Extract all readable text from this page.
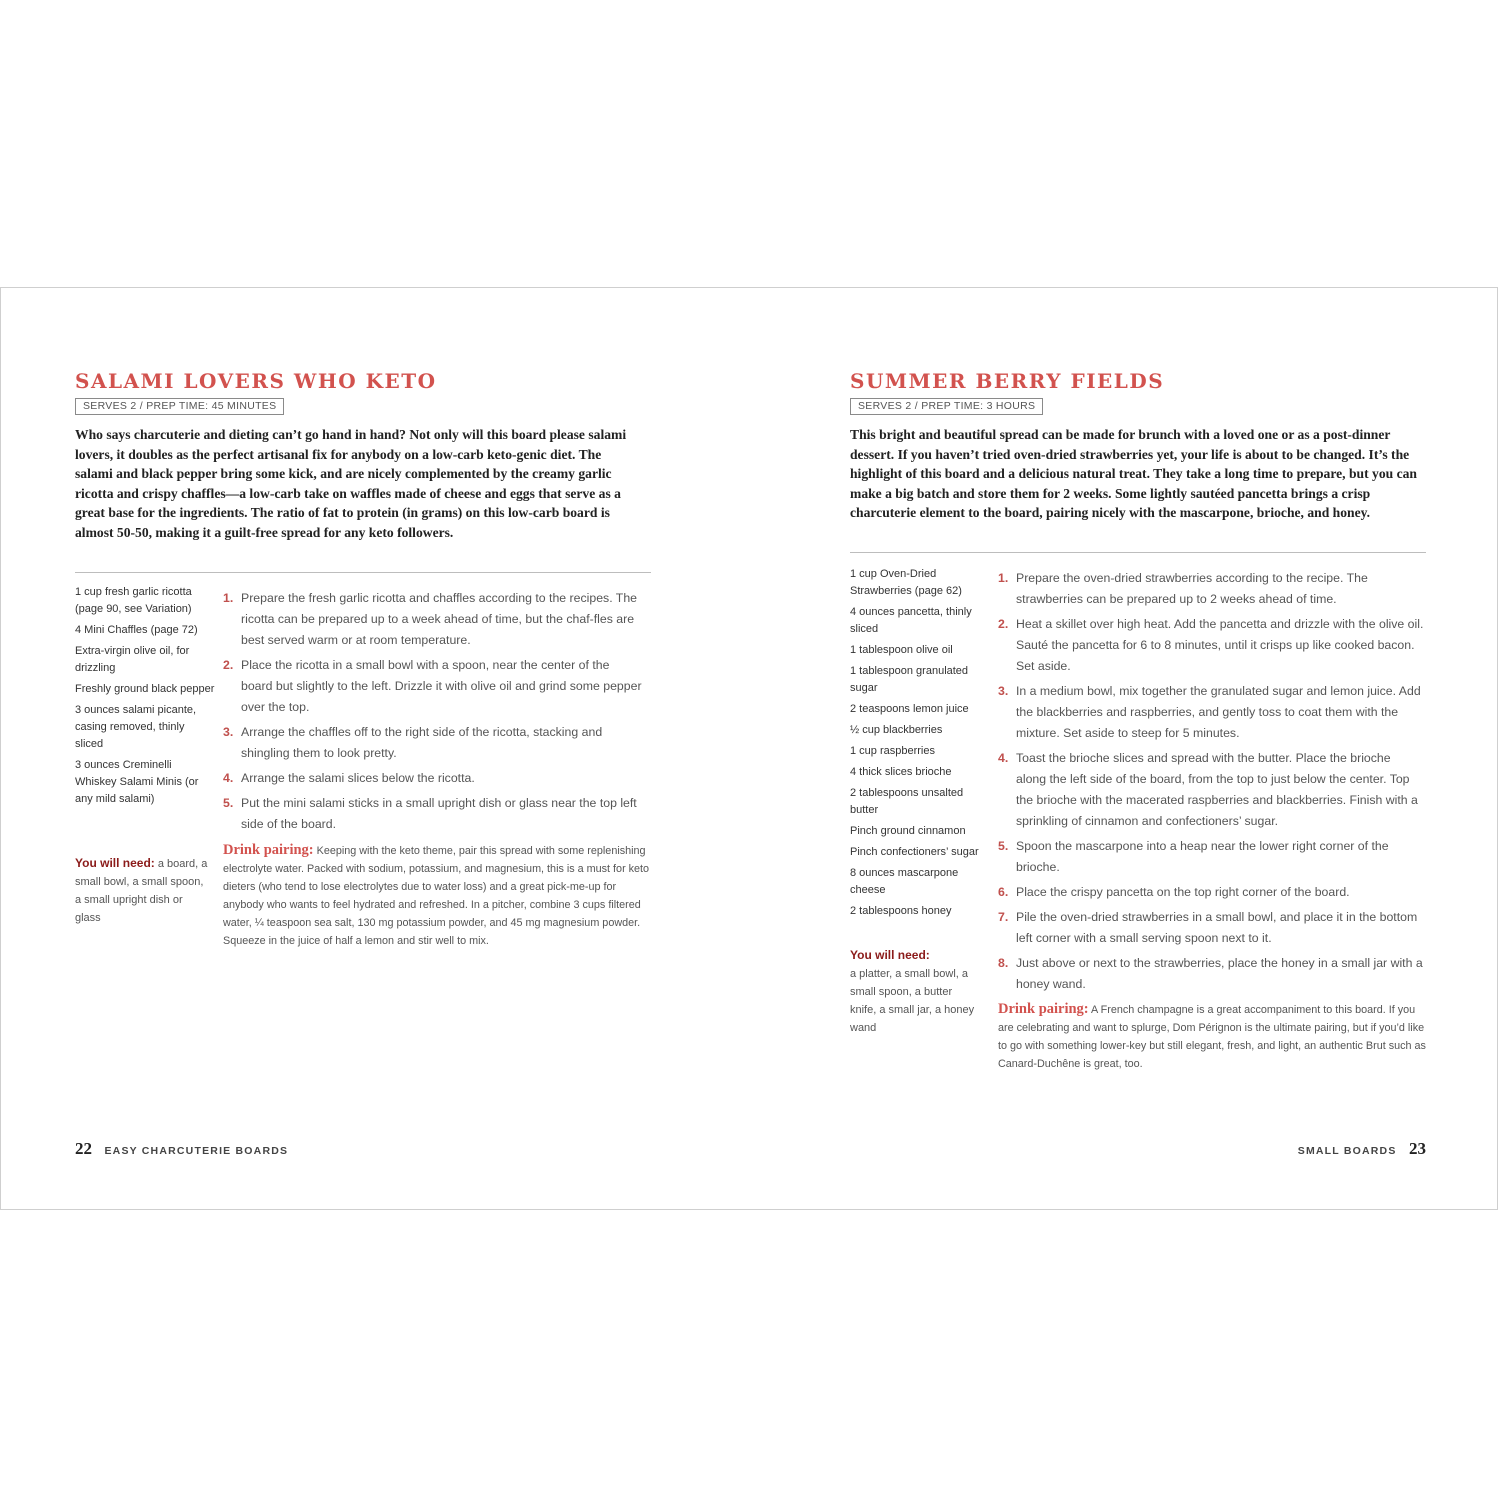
SALAMI LOVERS WHO KETO
SERVES 2 / PREP TIME: 45 MINUTES

Who says charcuterie and dieting can’t go hand in hand? Not only will this board please salami lovers, it doubles as the perfect artisanal fix for anybody on a low-carb keto-genic diet. The salami and black pepper bring some kick, and are nicely complemented by the creamy garlic ricotta and crispy chaffles—a low-carb take on waffles made of cheese and eggs that serve as a great base for the ingredients. The ratio of fat to protein (in grams) on this low-carb board is almost 50-50, making it a guilt-free spread for any keto followers.

1 cup fresh garlic ricotta (page 90, see Variation)
4 Mini Chaffles (page 72)
Extra-virgin olive oil, for drizzling
Freshly ground black pepper
3 ounces salami picante, casing removed, thinly sliced
3 ounces Creminelli Whiskey Salami Minis (or any mild salami)

You will need: a board, a small bowl, a small spoon, a small upright dish or glass

1. Prepare the fresh garlic ricotta and chaffles according to the recipes. The ricotta can be prepared up to a week ahead of time, but the chaf-fles are best served warm or at room temperature.
2. Place the ricotta in a small bowl with a spoon, near the center of the board but slightly to the left. Drizzle it with olive oil and grind some pepper over the top.
3. Arrange the chaffles off to the right side of the ricotta, stacking and shingling them to look pretty.
4. Arrange the salami slices below the ricotta.
5. Put the mini salami sticks in a small upright dish or glass near the top left side of the board.

Drink pairing: Keeping with the keto theme, pair this spread with some replenishing electrolyte water. Packed with sodium, potassium, and magnesium, this is a must for keto dieters (who tend to lose electrolytes due to water loss) and a great pick-me-up for anybody who wants to feel hydrated and refreshed. In a pitcher, combine 3 cups filtered water, ¼ teaspoon sea salt, 130 mg potassium powder, and 45 mg magnesium powder. Squeeze in the juice of half a lemon and stir well to mix.

22 EASY CHARCUTERIE BOARDS
SUMMER BERRY FIELDS
SERVES 2 / PREP TIME: 3 HOURS

This bright and beautiful spread can be made for brunch with a loved one or as a post-dinner dessert. If you haven’t tried oven-dried strawberries yet, your life is about to be changed. It’s the highlight of this board and a delicious natural treat. They take a long time to prepare, but you can make a big batch and store them for 2 weeks. Some lightly sautéed pancetta brings a crisp charcuterie element to the board, pairing nicely with the mascarpone, brioche, and honey.

1 cup Oven-Dried Strawberries (page 62)
4 ounces pancetta, thinly sliced
1 tablespoon olive oil
1 tablespoon granulated sugar
2 teaspoons lemon juice
½ cup blackberries
1 cup raspberries
4 thick slices brioche
2 tablespoons unsalted butter
Pinch ground cinnamon
Pinch confectioners’ sugar
8 ounces mascarpone cheese
2 tablespoons honey

You will need:
a platter, a small bowl, a small spoon, a butter knife, a small jar, a honey wand

1. Prepare the oven-dried strawberries according to the recipe. The strawberries can be prepared up to 2 weeks ahead of time.
2. Heat a skillet over high heat. Add the pancetta and drizzle with the olive oil. Sauté the pancetta for 6 to 8 minutes, until it crisps up like cooked bacon. Set aside.
3. In a medium bowl, mix together the granulated sugar and lemon juice. Add the blackberries and raspberries, and gently toss to coat them with the mixture. Set aside to steep for 5 minutes.
4. Toast the brioche slices and spread with the butter. Place the brioche along the left side of the board, from the top to just below the center. Top the brioche with the macerated raspberries and blackberries. Finish with a sprinkling of cinnamon and confectioners’ sugar.
5. Spoon the mascarpone into a heap near the lower right corner of the brioche.
6. Place the crispy pancetta on the top right corner of the board.
7. Pile the oven-dried strawberries in a small bowl, and place it in the bottom left corner with a small serving spoon next to it.
8. Just above or next to the strawberries, place the honey in a small jar with a honey wand.

Drink pairing: A French champagne is a great accompaniment to this board. If you are celebrating and want to splurge, Dom Pérignon is the ultimate pairing, but if you’d like to go with something lower-key but still elegant, fresh, and light, an authentic Brut such as Canard-Duchêne is great, too.

SMALL BOARDS 23
